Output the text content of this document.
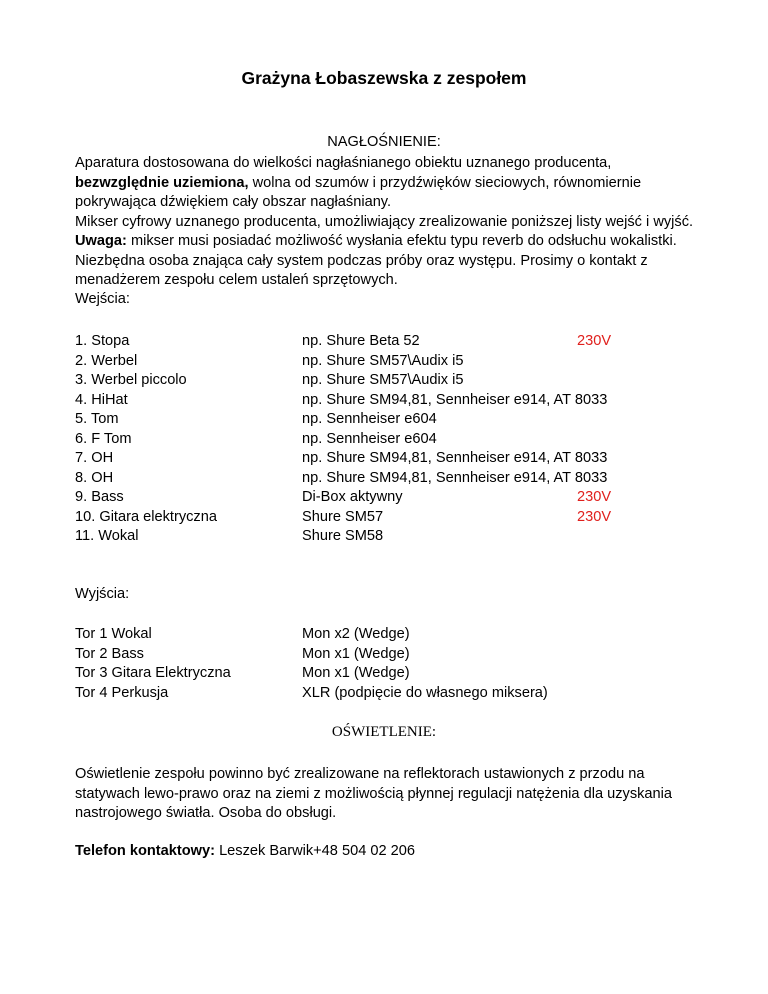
Grażyna Łobaszewska z zespołem
NAGŁOŚNIENIE:
Aparatura dostosowana do wielkości nagłaśnianego obiektu uznanego producenta,
bezwzględnie uziemiona, wolna od szumów i przydźwięków sieciowych, równomiernie pokrywająca dźwiękiem cały obszar nagłaśniany.
Mikser cyfrowy uznanego producenta, umożliwiający zrealizowanie poniższej listy wejść i wyjść. Uwaga: mikser musi posiadać możliwość wysłania efektu typu reverb do odsłuchu wokalistki. Niezbędna osoba znająca cały system podczas próby oraz występu. Prosimy o kontakt z menadżerem zespołu celem ustaleń sprzętowych.
Wejścia:
1. Stopa	np. Shure Beta 52	230V
2. Werbel	np. Shure SM57\Audix i5
3. Werbel piccolo	np. Shure SM57\Audix i5
4. HiHat	np. Shure SM94,81, Sennheiser e914, AT 8033
5. Tom	np. Sennheiser e604
6. F Tom	np. Sennheiser e604
7. OH	np. Shure SM94,81, Sennheiser e914, AT 8033
8. OH	np. Shure SM94,81, Sennheiser e914, AT 8033
9. Bass	Di-Box aktywny	230V
10. Gitara elektryczna	Shure SM57	230V
11. Wokal	Shure SM58
Wyjścia:
Tor 1 Wokal	Mon x2 (Wedge)
Tor 2 Bass	Mon x1 (Wedge)
Tor 3 Gitara Elektryczna	Mon x1 (Wedge)
Tor 4 Perkusja	XLR (podpięcie do własnego miksera)
OŚWIETLENIE:
Oświetlenie zespołu powinno być zrealizowane na reflektorach ustawionych z przodu na statywach lewo-prawo oraz na ziemi z możliwością płynnej regulacji natężenia dla uzyskania nastrojowego światła. Osoba do obsługi.
Telefon kontaktowy: Leszek Barwik+48 504 02 206
